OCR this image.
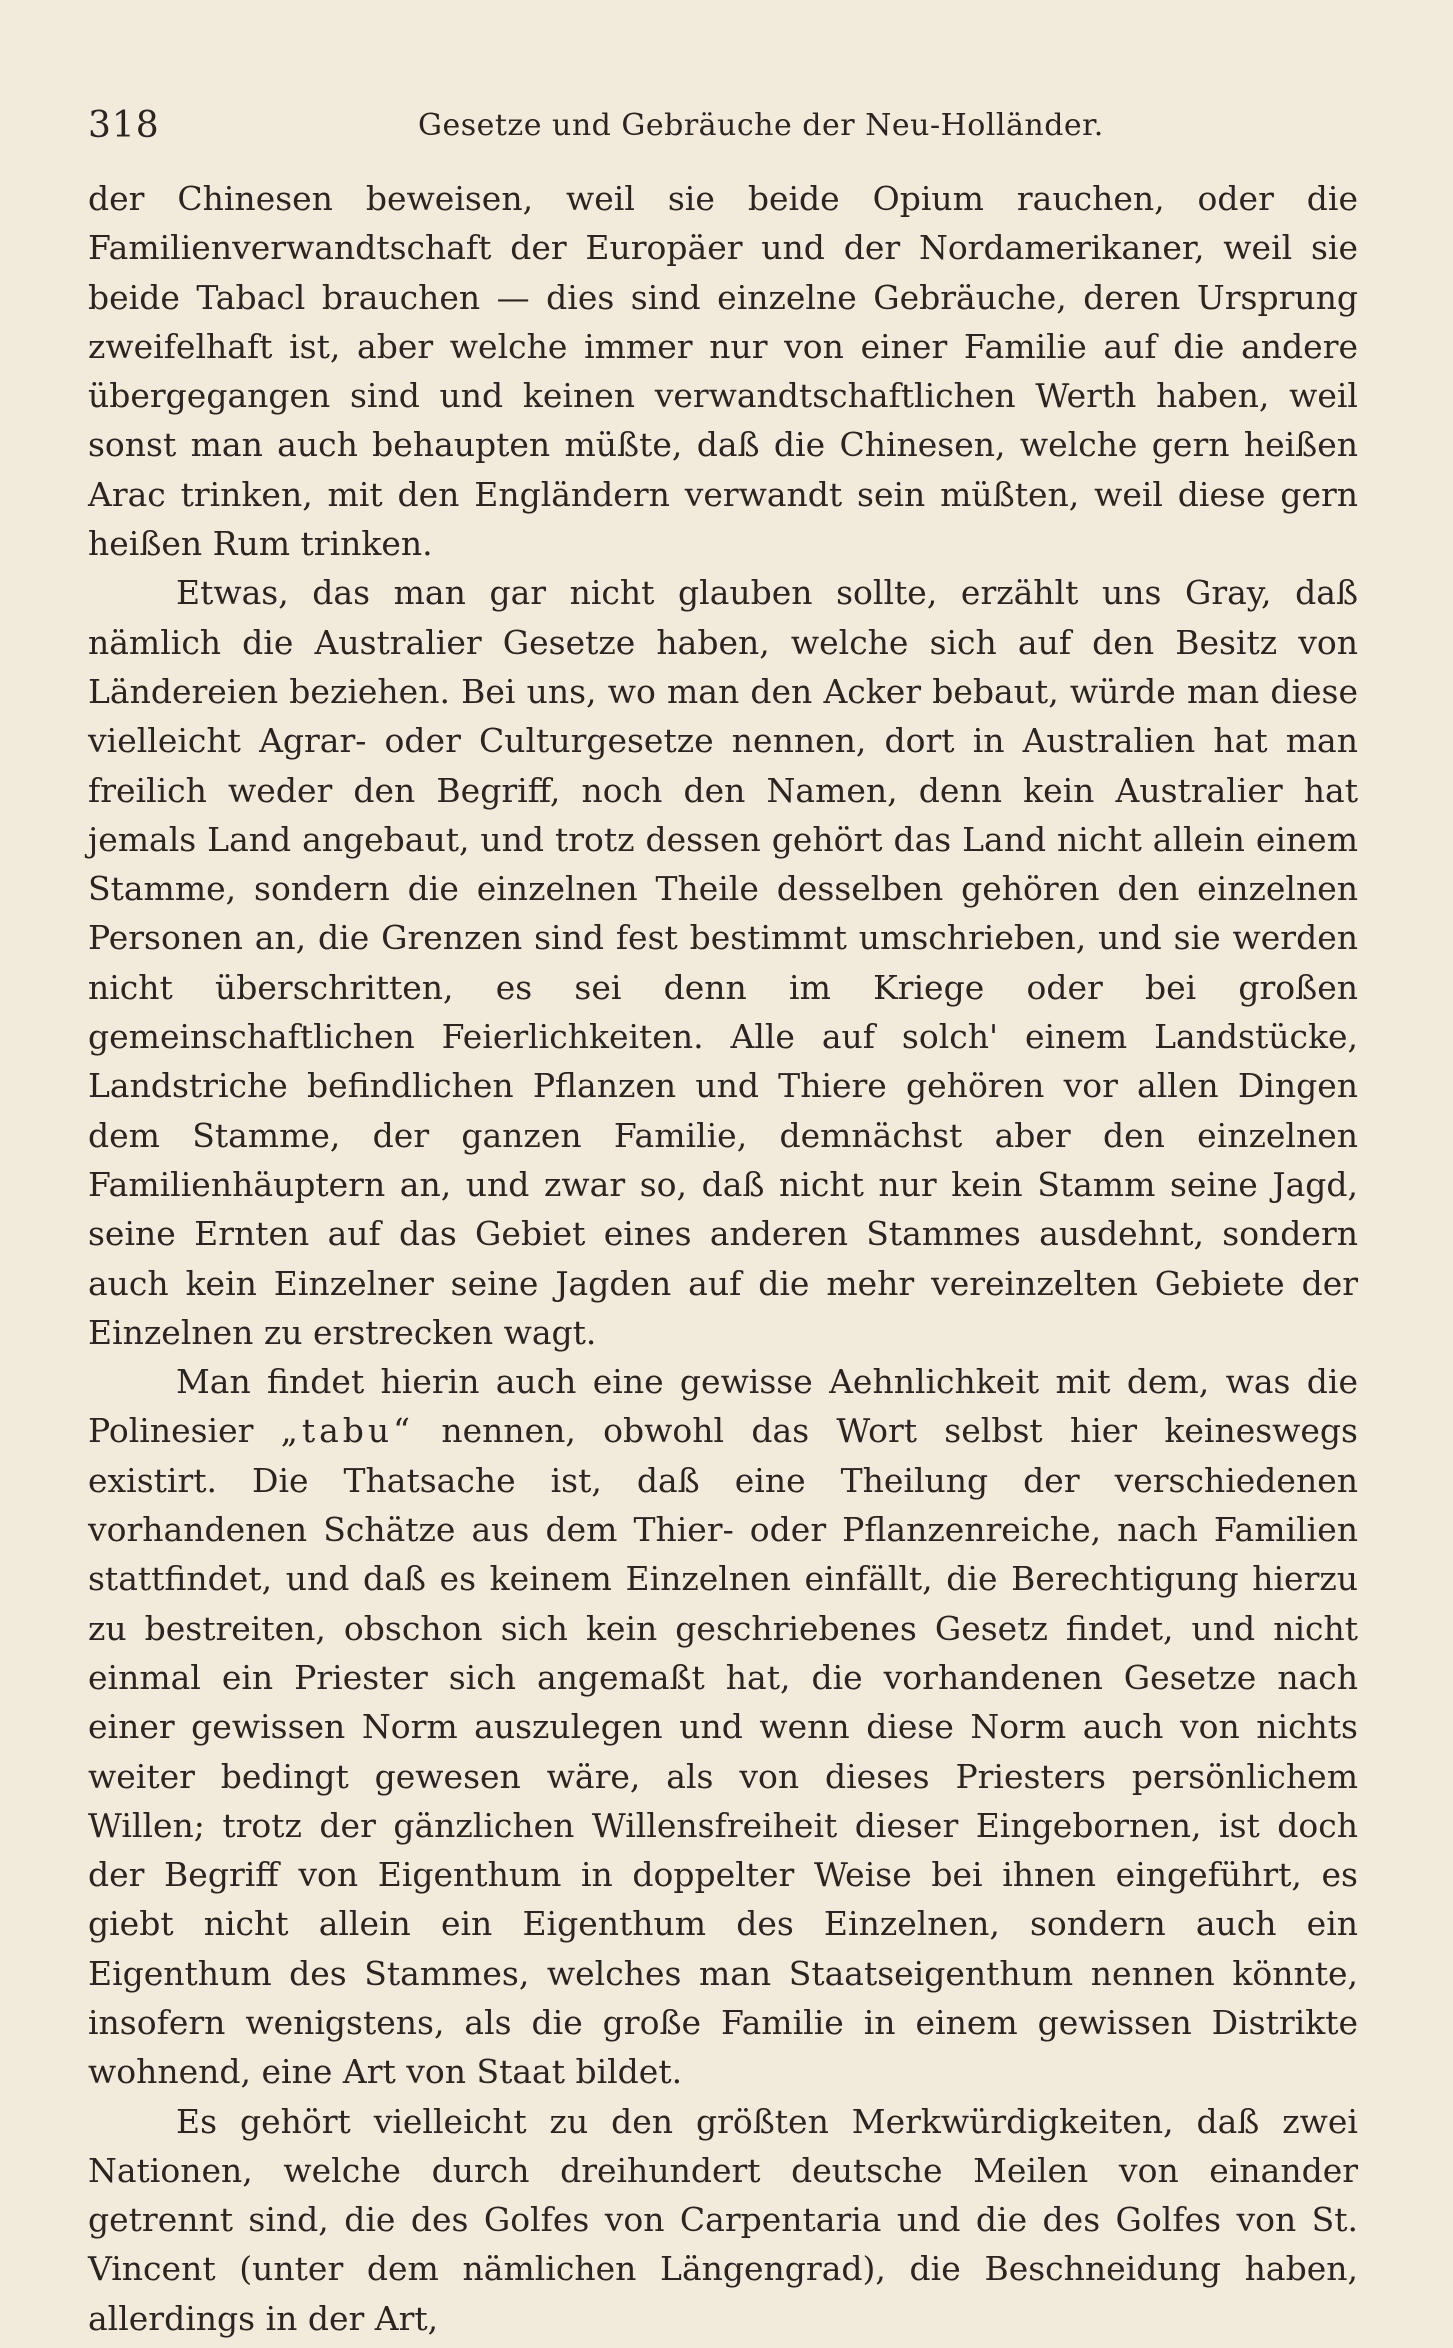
318	Gesetze und Gebräuche der Neu-Holländer.

der Chinesen beweisen, weil sie beide Opium rauchen, oder die Familienverwandtschaft der Europäer und der Nordamerikaner, weil sie beide Tabacl brauchen — dies sind einzelne Gebräuche, deren Ursprung zweifelhaft ist, aber welche immer nur von einer Familie auf die andere übergegangen sind und keinen verwandtschaftlichen Werth haben, weil sonst man auch behaupten müßte, daß die Chinesen, welche gern heißen Arac trinken, mit den Engländern verwandt sein müßten, weil diese gern heißen Rum trinken.

Etwas, das man gar nicht glauben sollte, erzählt uns Gray, daß nämlich die Australier Gesetze haben, welche sich auf den Besitz von Ländereien beziehen. Bei uns, wo man den Acker bebaut, würde man diese vielleicht Agrar- oder Culturgesetze nennen, dort in Australien hat man freilich weder den Begriff, noch den Namen, denn kein Australier hat jemals Land angebaut, und trotz dessen gehört das Land nicht allein einem Stamme, sondern die einzelnen Theile desselben gehören den einzelnen Personen an, die Grenzen sind fest bestimmt umschrieben, und sie werden nicht überschritten, es sei denn im Kriege oder bei großen gemeinschaftlichen Feierlichkeiten. Alle auf solch' einem Landstücke, Landstriche befindlichen Pflanzen und Thiere gehören vor allen Dingen dem Stamme, der ganzen Familie, demnächst aber den einzelnen Familienhäuptern an, und zwar so, daß nicht nur kein Stamm seine Jagd, seine Ernten auf das Gebiet eines anderen Stammes ausdehnt, sondern auch kein Einzelner seine Jagden auf die mehr vereinzelten Gebiete der Einzelnen zu erstrecken wagt.

Man findet hierin auch eine gewisse Aehnlichkeit mit dem, was die Polinesier „tabu“ nennen, obwohl das Wort selbst hier keineswegs existirt. Die Thatsache ist, daß eine Theilung der verschiedenen vorhandenen Schätze aus dem Thier- oder Pflanzenreiche, nach Familien stattfindet, und daß es keinem Einzelnen einfällt, die Berechtigung hierzu zu bestreiten, obschon sich kein geschriebenes Gesetz findet, und nicht einmal ein Priester sich angemaßt hat, die vorhandenen Gesetze nach einer gewissen Norm auszulegen und wenn diese Norm auch von nichts weiter bedingt gewesen wäre, als von dieses Priesters persönlichem Willen; trotz der gänzlichen Willensfreiheit dieser Eingebornen, ist doch der Begriff von Eigenthum in doppelter Weise bei ihnen eingeführt, es giebt nicht allein ein Eigenthum des Einzelnen, sondern auch ein Eigenthum des Stammes, welches man Staatseigenthum nennen könnte, insofern wenigstens, als die große Familie in einem gewissen Distrikte wohnend, eine Art von Staat bildet.

Es gehört vielleicht zu den größten Merkwürdigkeiten, daß zwei Nationen, welche durch dreihundert deutsche Meilen von einander getrennt sind, die des Golfes von Carpentaria und die des Golfes von St. Vincent (unter dem nämlichen Längengrad), die Beschneidung haben, allerdings in der Art,
